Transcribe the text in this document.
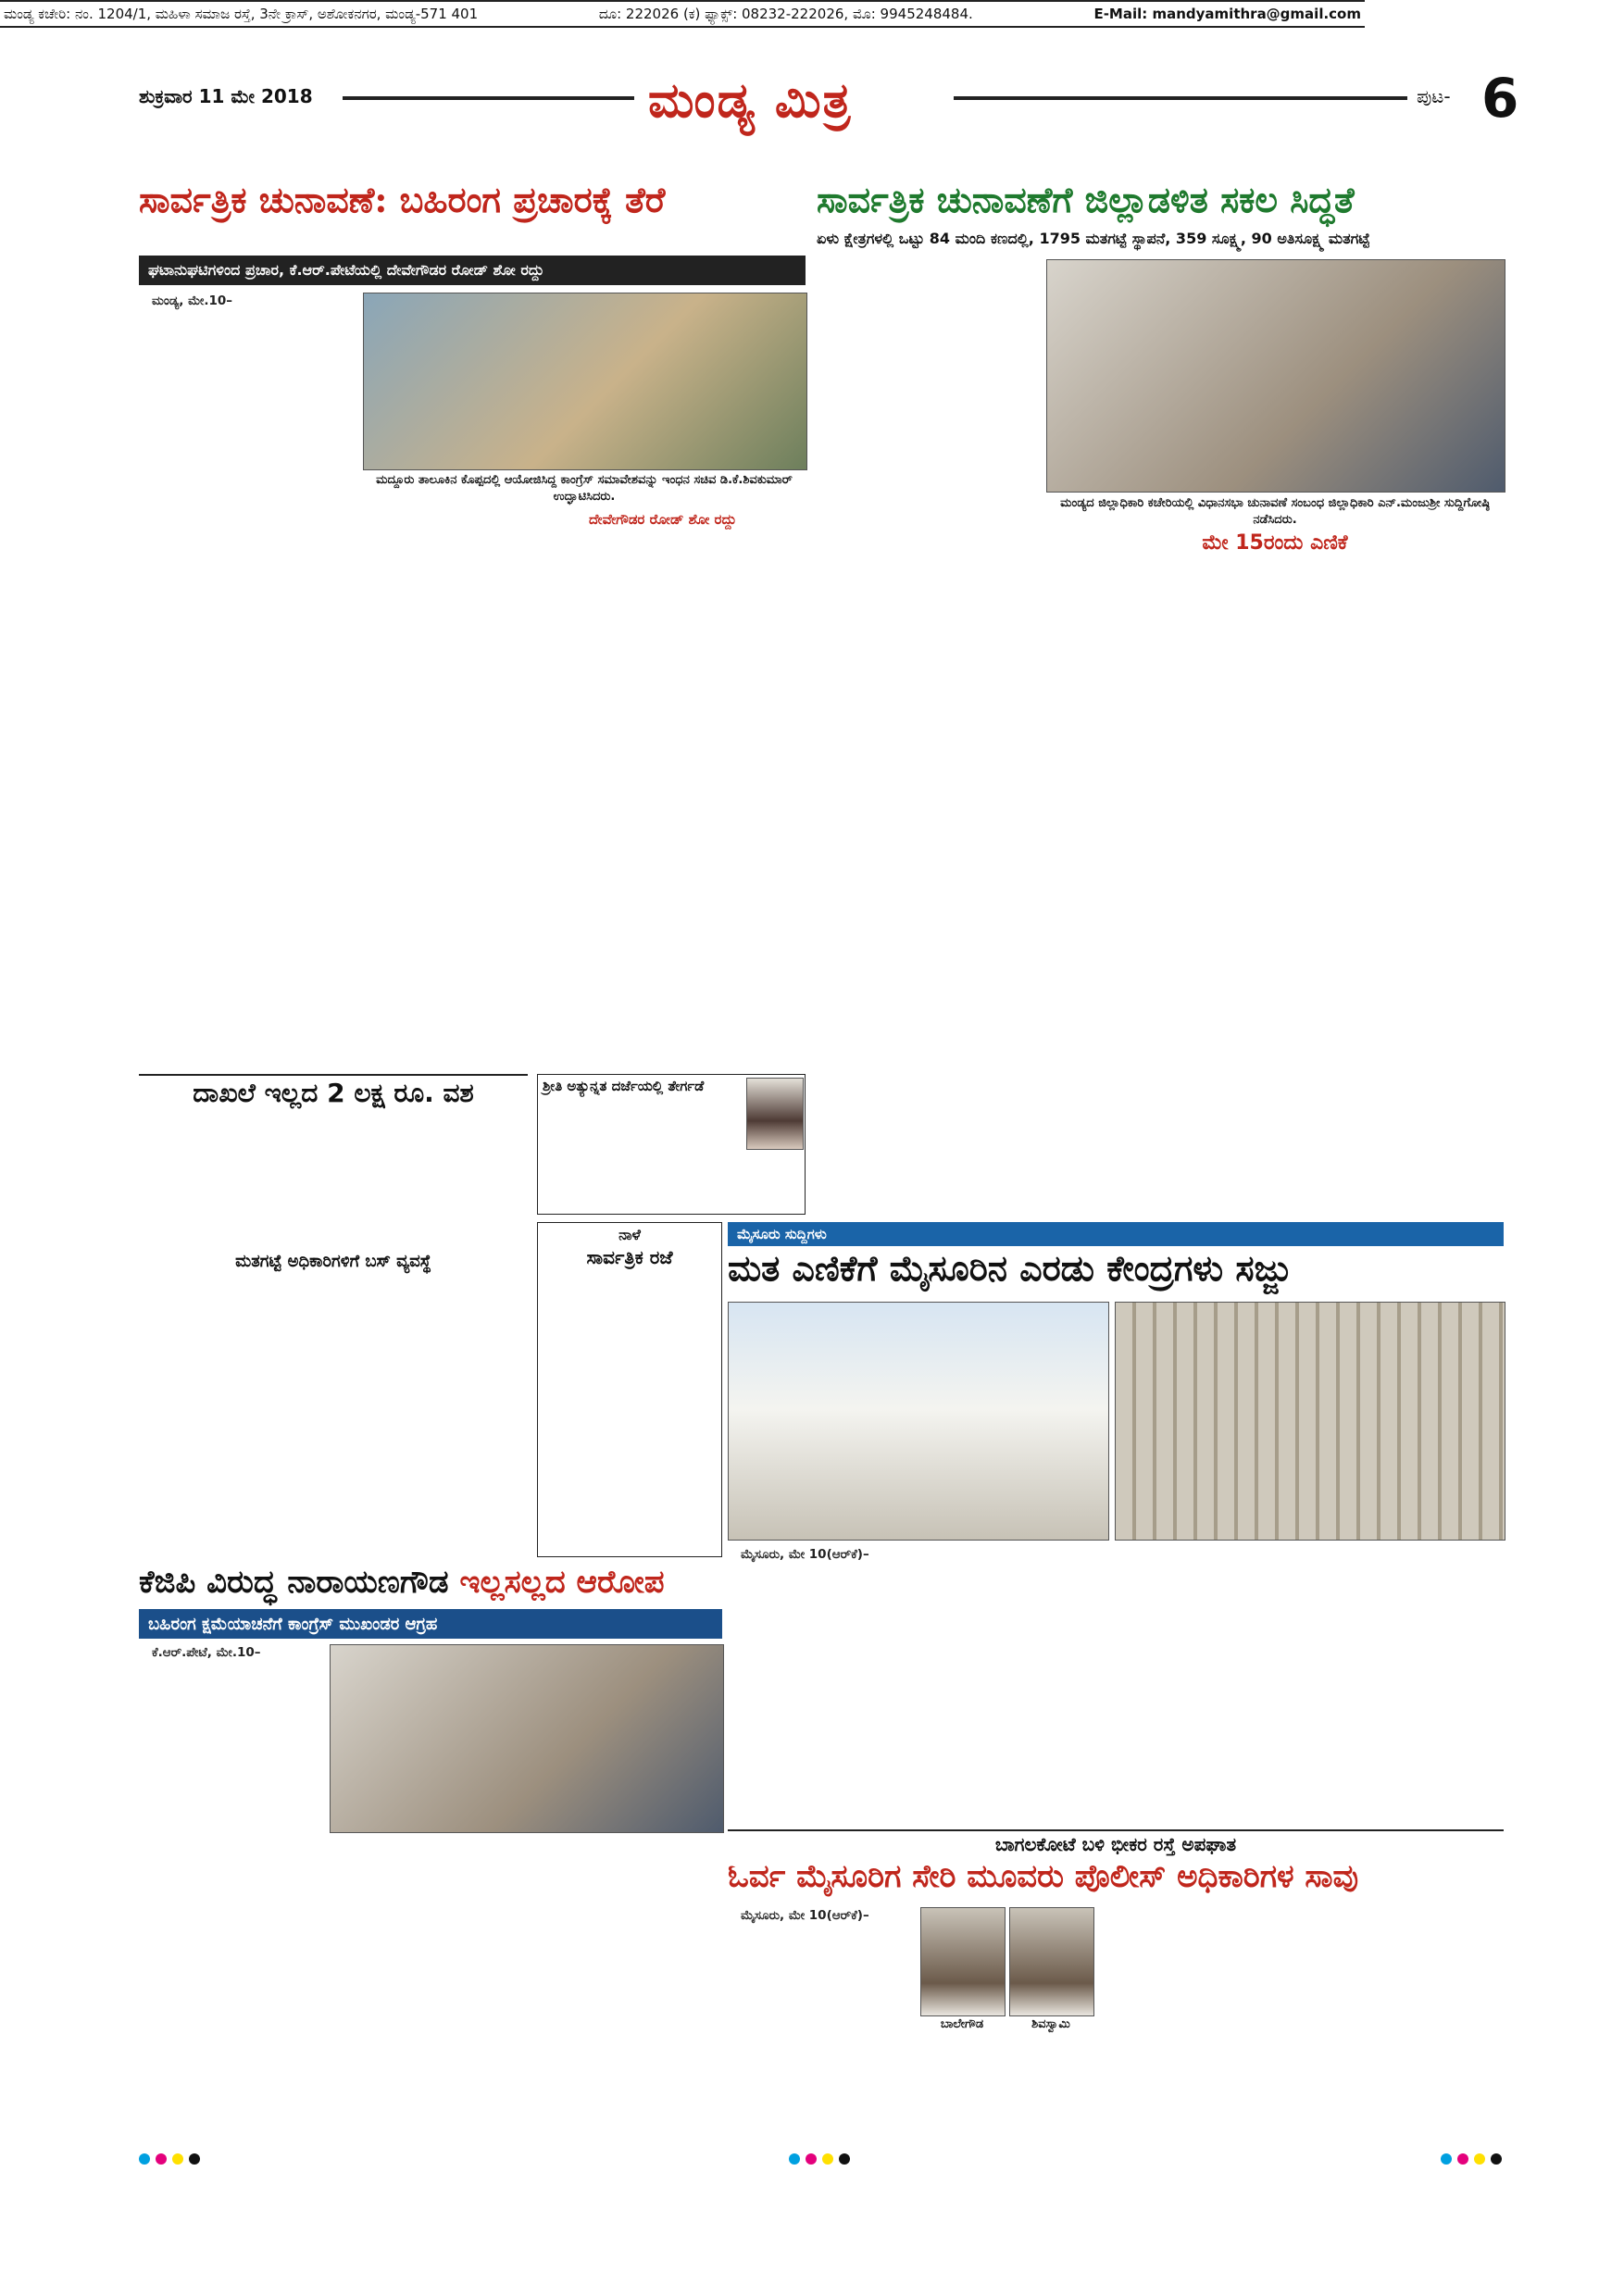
ಶುಕ್ರವಾರ 11 ಮೇ 2018	ಮಂಡ್ಯ ಮಿತ್ರ	ಪುಟ- 6
ಮಂಡ್ಯ ಕಚೇರಿ: ನಂ. 1204/1, ಮಹಿಳಾ ಸಮಾಜ ರಸ್ತೆ, 3ನೇ ಕ್ರಾಸ್, ಅಶೋಕನಗರ, ಮಂಡ್ಯ-571 401	ದೂ: 222026 (ಕ) ಫ್ಯಾಕ್ಸ್: 08232-222026, ಮೊ: 9945248484.	E-Mail: mandyamithra@gmail.com
ಸಾರ್ವತ್ರಿಕ ಚುನಾವಣೆ: ಬಹಿರಂಗ ಪ್ರಚಾರಕ್ಕೆ ತೆರೆ
ಘಟಾನುಘಟಿಗಳಿಂದ ಪ್ರಚಾರ, ಕೆ.ಆರ್.ಪೇಟೆಯಲ್ಲಿ ದೇವೇಗೌಡರ ರೋಡ್ ಶೋ ರದ್ದು

ಮಂಡ್ಯ, ಮೇ.10–

ಮದ್ದೂರು ತಾಲೂಕಿನ ಕೊಪ್ಪದಲ್ಲಿ ಆಯೋಜಿಸಿದ್ದ ಕಾಂಗ್ರೆಸ್ ಸಮಾವೇಶವನ್ನು ಇಂಧನ ಸಚಿವ ಡಿ.ಕೆ.ಶಿವಕುಮಾರ್ ಉದ್ಘಾಟಿಸಿದರು.
ದೇವೇಗೌಡರ ರೋಡ್ ಶೋ ರದ್ದು
ಸಾರ್ವತ್ರಿಕ ಚುನಾವಣೆಗೆ ಜಿಲ್ಲಾಡಳಿತ ಸಕಲ ಸಿದ್ಧತೆ
ಏಳು ಕ್ಷೇತ್ರಗಳಲ್ಲಿ ಒಟ್ಟು 84 ಮಂದಿ ಕಣದಲ್ಲಿ, 1795 ಮತಗಟ್ಟೆ ಸ್ಥಾಪನೆ, 359 ಸೂಕ್ಷ್ಮ, 90 ಅತಿಸೂಕ್ಷ್ಮ ಮತಗಟ್ಟೆ
ಮಂಡ್ಯದ ಜಿಲ್ಲಾಧಿಕಾರಿ ಕಚೇರಿಯಲ್ಲಿ ವಿಧಾನಸಭಾ ಚುನಾವಣೆ ಸಂಬಂಧ ಜಿಲ್ಲಾಧಿಕಾರಿ ಎನ್.ಮಂಜುಶ್ರೀ ಸುದ್ದಿಗೋಷ್ಠಿ ನಡೆಸಿದರು.
ಮೇ 15ರಂದು ಎಣಿಕೆ
ದಾಖಲೆ ಇಲ್ಲದ 2 ಲಕ್ಷ ರೂ. ವಶ
ಮತಗಟ್ಟೆ ಅಧಿಕಾರಿಗಳಿಗೆ ಬಸ್ ವ್ಯವಸ್ಥೆ
ಶ್ರೀತಿ ಅತ್ಯುನ್ನತ ದರ್ಜೆಯಲ್ಲಿ ತೇರ್ಗಡೆ
ನಾಳೆ
ಸಾರ್ವತ್ರಿಕ ರಜೆ
ಮೈಸೂರು ಸುದ್ದಿಗಳು
ಮತ ಎಣಿಕೆಗೆ ಮೈಸೂರಿನ ಎರಡು ಕೇಂದ್ರಗಳು ಸಜ್ಜು

ಮೈಸೂರು, ಮೇ 10(ಆರ್‌ಕೆ)–

ಕೆಜಿಪಿ ವಿರುದ್ಧ ನಾರಾಯಣಗೌಡ ಇಲ್ಲಸಲ್ಲದ ಆರೋಪ
ಬಹಿರಂಗ ಕ್ಷಮೆಯಾಚನೆಗೆ ಕಾಂಗ್ರೆಸ್ ಮುಖಂಡರ ಆಗ್ರಹ

ಕೆ.ಆರ್.ಪೇಟೆ, ಮೇ.10–

ಬಾಗಲಕೋಟೆ ಬಳಿ ಭೀಕರ ರಸ್ತೆ ಅಪಘಾತ
ಓರ್ವ ಮೈಸೂರಿಗ ಸೇರಿ ಮೂವರು ಪೊಲೀಸ್ ಅಧಿಕಾರಿಗಳ ಸಾವು

ಮೈಸೂರು, ಮೇ 10(ಆರ್‌ಕೆ)–

ಬಾಲೇಗೌಡ	ಶಿವಸ್ವಾಮಿ
